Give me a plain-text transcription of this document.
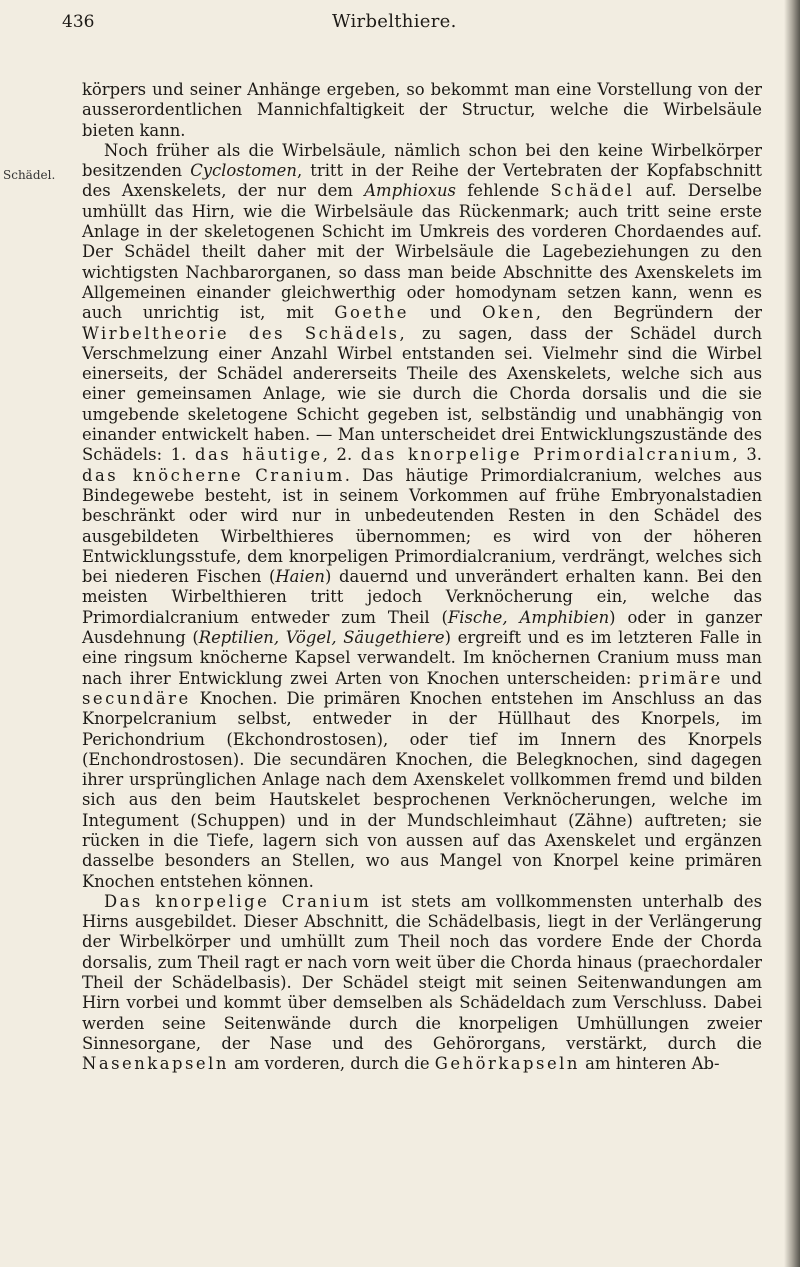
436	Wirbelthiere.
Schädel.

körpers und seiner Anhänge ergeben, so bekommt man eine Vorstellung von der ausserordentlichen Mannichfaltigkeit der Structur, welche die Wirbelsäule bieten kann.

Noch früher als die Wirbelsäule, nämlich schon bei den keine Wirbelkörper besitzenden Cyclostomen, tritt in der Reihe der Vertebraten der Kopfabschnitt des Axenskelets, der nur dem Amphioxus fehlende Schädel auf. Derselbe umhüllt das Hirn, wie die Wirbelsäule das Rückenmark; auch tritt seine erste Anlage in der skeletogenen Schicht im Umkreis des vorderen Chordaendes auf. Der Schädel theilt daher mit der Wirbelsäule die Lagebeziehungen zu den wichtigsten Nachbarorganen, so dass man beide Abschnitte des Axenskelets im Allgemeinen einander gleichwerthig oder homodynam setzen kann, wenn es auch unrichtig ist, mit Goethe und Oken, den Begründern der Wirbeltheorie des Schädels, zu sagen, dass der Schädel durch Verschmelzung einer Anzahl Wirbel entstanden sei. Vielmehr sind die Wirbel einerseits, der Schädel andererseits Theile des Axenskelets, welche sich aus einer gemeinsamen Anlage, wie sie durch die Chorda dorsalis und die sie umgebende skeletogene Schicht gegeben ist, selbständig und unabhängig von einander entwickelt haben. — Man unterscheidet drei Entwicklungszustände des Schädels: 1. das häutige, 2. das knorpelige Primordialcranium, 3. das knöcherne Cranium. Das häutige Primordialcranium, welches aus Bindegewebe besteht, ist in seinem Vorkommen auf frühe Embryonalstadien beschränkt oder wird nur in unbedeutenden Resten in den Schädel des ausgebildeten Wirbelthieres übernommen; es wird von der höheren Entwicklungsstufe, dem knorpeligen Primordialcranium, verdrängt, welches sich bei niederen Fischen (Haien) dauernd und unverändert erhalten kann. Bei den meisten Wirbelthieren tritt jedoch Verknöcherung ein, welche das Primordialcranium entweder zum Theil (Fische, Amphibien) oder in ganzer Ausdehnung (Reptilien, Vögel, Säugethiere) ergreift und es im letzteren Falle in eine ringsum knöcherne Kapsel verwandelt. Im knöchernen Cranium muss man nach ihrer Entwicklung zwei Arten von Knochen unterscheiden: primäre und secundäre Knochen. Die primären Knochen entstehen im Anschluss an das Knorpelcranium selbst, entweder in der Hüllhaut des Knorpels, im Perichondrium (Ekchondrostosen), oder tief im Innern des Knorpels (Enchondrostosen). Die secundären Knochen, die Belegknochen, sind dagegen ihrer ursprünglichen Anlage nach dem Axenskelet vollkommen fremd und bilden sich aus den beim Hautskelet besprochenen Verknöcherungen, welche im Integument (Schuppen) und in der Mundschleimhaut (Zähne) auftreten; sie rücken in die Tiefe, lagern sich von aussen auf das Axenskelet und ergänzen dasselbe besonders an Stellen, wo aus Mangel von Knorpel keine primären Knochen entstehen können.

Das knorpelige Cranium ist stets am vollkommensten unterhalb des Hirns ausgebildet. Dieser Abschnitt, die Schädelbasis, liegt in der Verlängerung der Wirbelkörper und umhüllt zum Theil noch das vordere Ende der Chorda dorsalis, zum Theil ragt er nach vorn weit über die Chorda hinaus (praechordaler Theil der Schädelbasis). Der Schädel steigt mit seinen Seitenwandungen am Hirn vorbei und kommt über demselben als Schädeldach zum Verschluss. Dabei werden seine Seitenwände durch die knorpeligen Umhüllungen zweier Sinnesorgane, der Nase und des Gehörorgans, verstärkt, durch die Nasenkapseln am vorderen, durch die Gehörkapseln am hinteren Ab-
